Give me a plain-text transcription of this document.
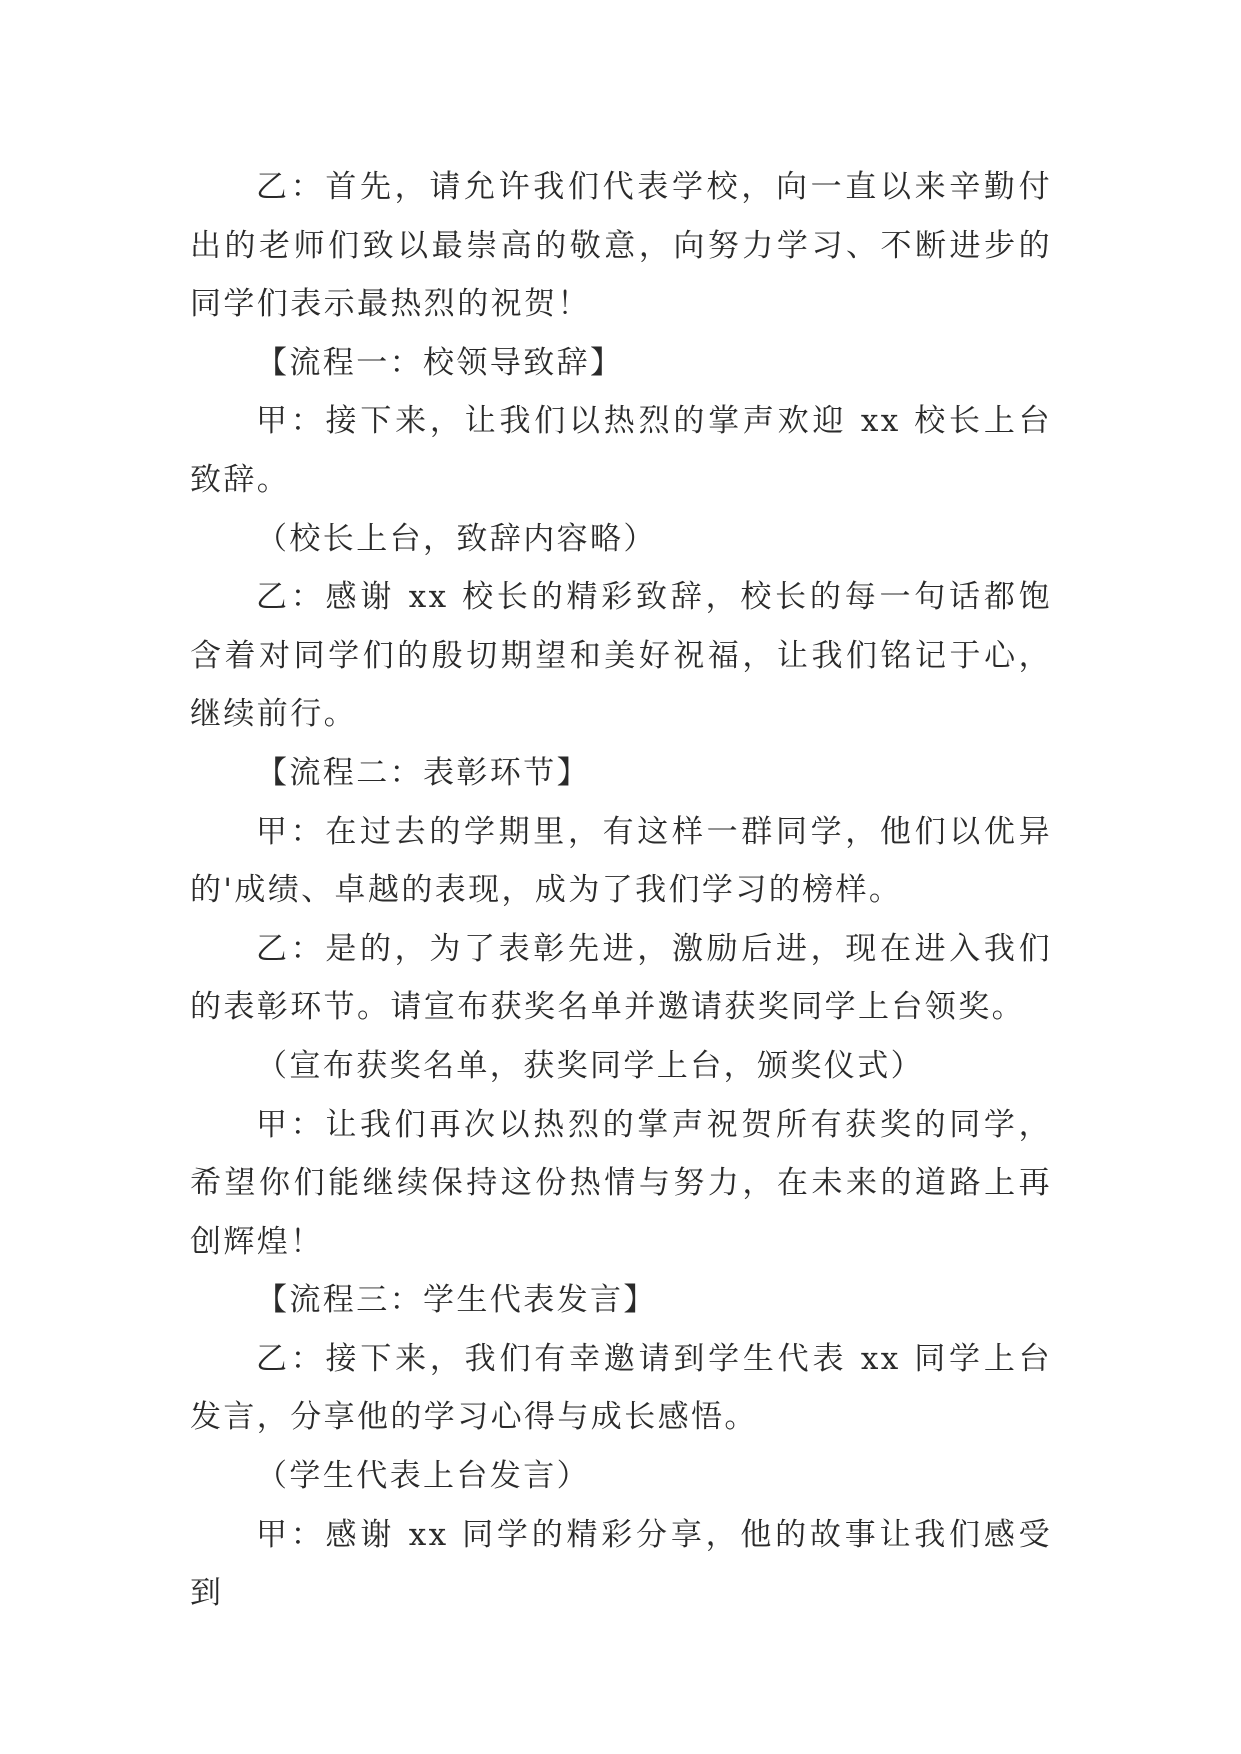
乙：首先，请允许我们代表学校，向一直以来辛勤付出的老师们致以最崇高的敬意，向努力学习、不断进步的同学们表示最热烈的祝贺！

【流程一：校领导致辞】

甲：接下来，让我们以热烈的掌声欢迎 xx 校长上台致辞。

（校长上台，致辞内容略）

乙：感谢 xx 校长的精彩致辞，校长的每一句话都饱含着对同学们的殷切期望和美好祝福，让我们铭记于心，继续前行。

【流程二：表彰环节】

甲：在过去的学期里，有这样一群同学，他们以优异的'成绩、卓越的表现，成为了我们学习的榜样。

乙：是的，为了表彰先进，激励后进，现在进入我们的表彰环节。请宣布获奖名单并邀请获奖同学上台领奖。

（宣布获奖名单，获奖同学上台，颁奖仪式）

甲：让我们再次以热烈的掌声祝贺所有获奖的同学，希望你们能继续保持这份热情与努力，在未来的道路上再创辉煌！

【流程三：学生代表发言】

乙：接下来，我们有幸邀请到学生代表 xx 同学上台发言，分享他的学习心得与成长感悟。

（学生代表上台发言）

甲：感谢 xx 同学的精彩分享，他的故事让我们感受到
